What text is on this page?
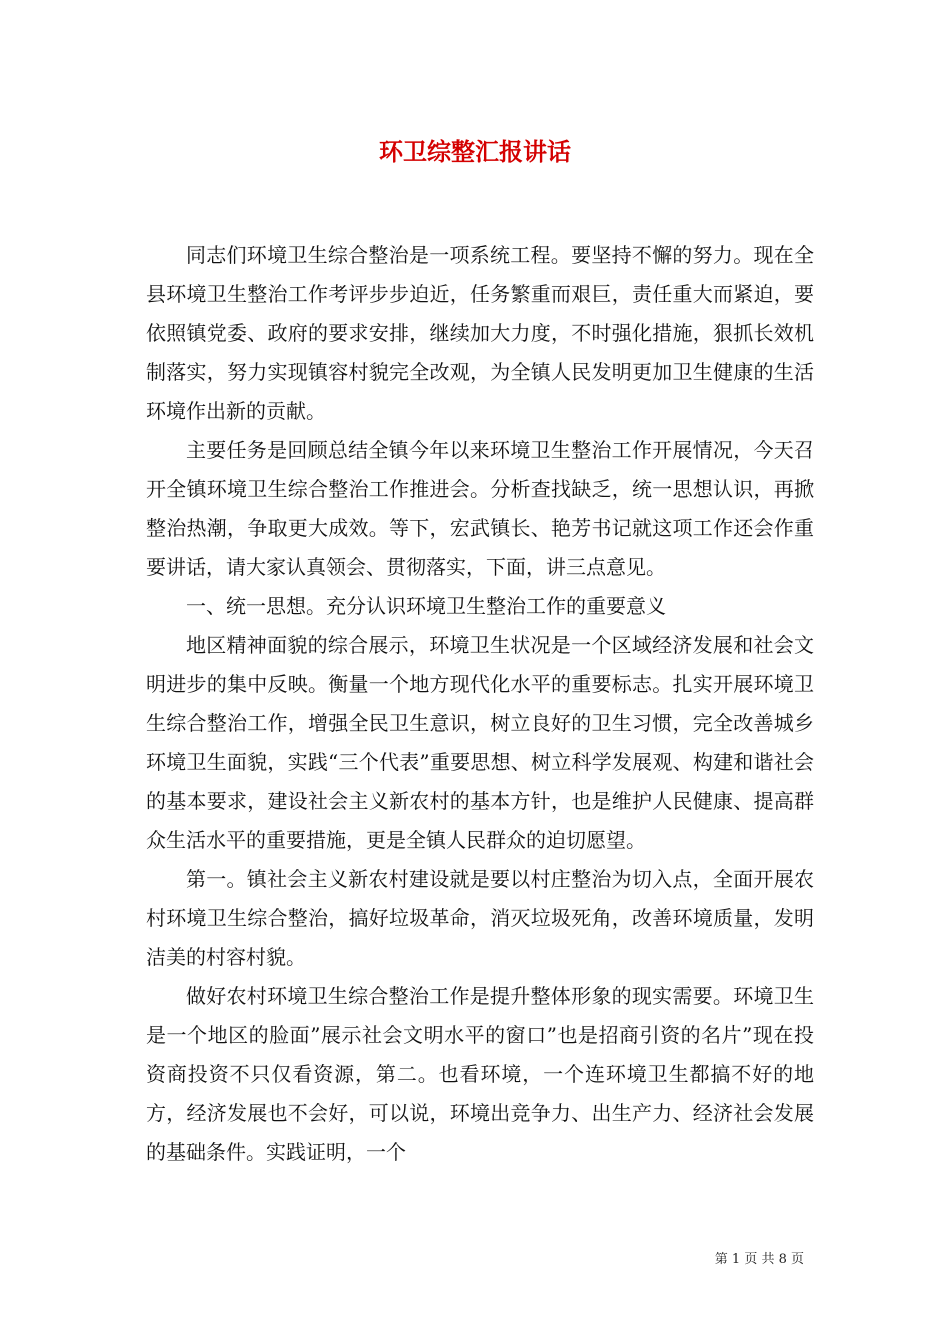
环卫综整汇报讲话

同志们环境卫生综合整治是一项系统工程。要坚持不懈的努力。现在全县环境卫生整治工作考评步步迫近，任务繁重而艰巨，责任重大而紧迫，要依照镇党委、政府的要求安排，继续加大力度，不时强化措施，狠抓长效机制落实，努力实现镇容村貌完全改观，为全镇人民发明更加卫生健康的生活环境作出新的贡献。

主要任务是回顾总结全镇今年以来环境卫生整治工作开展情况，今天召开全镇环境卫生综合整治工作推进会。分析查找缺乏，统一思想认识，再掀整治热潮，争取更大成效。等下，宏武镇长、艳芳书记就这项工作还会作重要讲话，请大家认真领会、贯彻落实，下面，讲三点意见。

一、统一思想。充分认识环境卫生整治工作的重要意义

地区精神面貌的综合展示，环境卫生状况是一个区域经济发展和社会文明进步的集中反映。衡量一个地方现代化水平的重要标志。扎实开展环境卫生综合整治工作，增强全民卫生意识，树立良好的卫生习惯，完全改善城乡环境卫生面貌，实践“三个代表”重要思想、树立科学发展观、构建和谐社会的基本要求，建设社会主义新农村的基本方针，也是维护人民健康、提高群众生活水平的重要措施，更是全镇人民群众的迫切愿望。

第一。镇社会主义新农村建设就是要以村庄整治为切入点，全面开展农村环境卫生综合整治，搞好垃圾革命，消灭垃圾死角，改善环境质量，发明洁美的村容村貌。

做好农村环境卫生综合整治工作是提升整体形象的现实需要。环境卫生是一个地区的脸面”展示社会文明水平的窗口”也是招商引资的名片”现在投资商投资不只仅看资源，第二。也看环境，一个连环境卫生都搞不好的地方，经济发展也不会好，可以说，环境出竞争力、出生产力、经济社会发展的基础条件。实践证明，一个

第 1 页 共 8 页
